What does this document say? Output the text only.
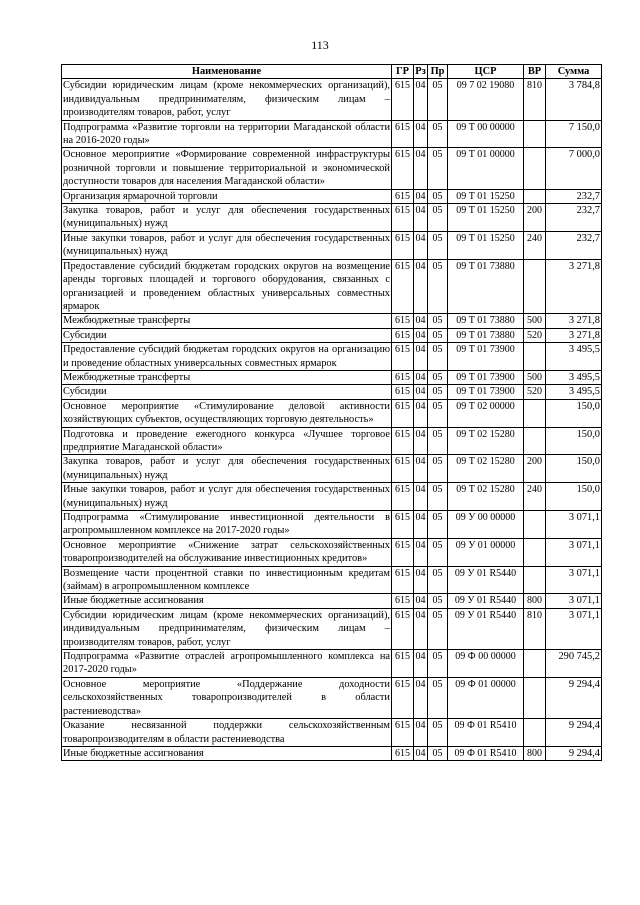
113
Наименование	ГР	Рз	Пр	ЦСР	ВР	Сумма
Субсидии юридическим лицам (кроме некоммерческих организаций), индивидуальным предпринимателям, физическим лицам – производителям товаров, работ, услуг	615	04	05	09 7 02 19080	810	3 784,8
Подпрограмма «Развитие торговли на территории Магаданской области на 2016-2020 годы»	615	04	05	09 Т 00 00000		7 150,0
Основное мероприятие «Формирование современной инфраструктуры розничной торговли и повышение территориальной и экономической доступности товаров для населения Магаданской области»	615	04	05	09 Т 01 00000		7 000,0
Организация ярмарочной торговли	615	04	05	09 Т 01 15250		232,7
Закупка товаров, работ и услуг для обеспечения государственных (муниципальных) нужд	615	04	05	09 Т 01 15250	200	232,7
Иные закупки товаров, работ и услуг для обеспечения государственных (муниципальных) нужд	615	04	05	09 Т 01 15250	240	232,7
Предоставление субсидий бюджетам городских округов на возмещение аренды торговых площадей и торгового оборудования, связанных с организацией и проведением областных универсальных совместных ярмарок	615	04	05	09 Т 01 73880		3 271,8
Межбюджетные трансферты	615	04	05	09 Т 01 73880	500	3 271,8
Субсидии	615	04	05	09 Т 01 73880	520	3 271,8
Предоставление субсидий бюджетам городских округов на организацию и проведение областных универсальных совместных ярмарок	615	04	05	09 Т 01 73900		3 495,5
Межбюджетные трансферты	615	04	05	09 Т 01 73900	500	3 495,5
Субсидии	615	04	05	09 Т 01 73900	520	3 495,5
Основное мероприятие «Стимулирование деловой активности хозяйствующих субъектов, осуществляющих торговую деятельность»	615	04	05	09 Т 02 00000		150,0
Подготовка и проведение ежегодного конкурса «Лучшее торговое предприятие Магаданской области»	615	04	05	09 Т 02 15280		150,0
Закупка товаров, работ и услуг для обеспечения государственных (муниципальных) нужд	615	04	05	09 Т 02 15280	200	150,0
Иные закупки товаров, работ и услуг для обеспечения государственных (муниципальных) нужд	615	04	05	09 Т 02 15280	240	150,0
Подпрограмма «Стимулирование инвестиционной деятельности в агропромышленном комплексе на 2017-2020 годы»	615	04	05	09 У 00 00000		3 071,1
Основное мероприятие «Снижение затрат сельскохозяйственных товаропроизводителей на обслуживание инвестиционных кредитов»	615	04	05	09 У 01 00000		3 071,1
Возмещение части процентной ставки по инвестиционным кредитам (займам) в агропромышленном комплексе	615	04	05	09 У 01 R5440		3 071,1
Иные бюджетные ассигнования	615	04	05	09 У 01 R5440	800	3 071,1
Субсидии юридическим лицам (кроме некоммерческих организаций), индивидуальным предпринимателям, физическим лицам – производителям товаров, работ, услуг	615	04	05	09 У 01 R5440	810	3 071,1
Подпрограмма «Развитие отраслей агропромышленного комплекса на 2017-2020 годы»	615	04	05	09 Ф 00 00000		290 745,2
Основное мероприятие «Поддержание доходности сельскохозяйственных товаропроизводителей в области растениеводства»	615	04	05	09 Ф 01 00000		9 294,4
Оказание несвязанной поддержки сельскохозяйственным товаропроизводителям в области растениеводства	615	04	05	09 Ф 01 R5410		9 294,4
Иные бюджетные ассигнования	615	04	05	09 Ф 01 R5410	800	9 294,4
